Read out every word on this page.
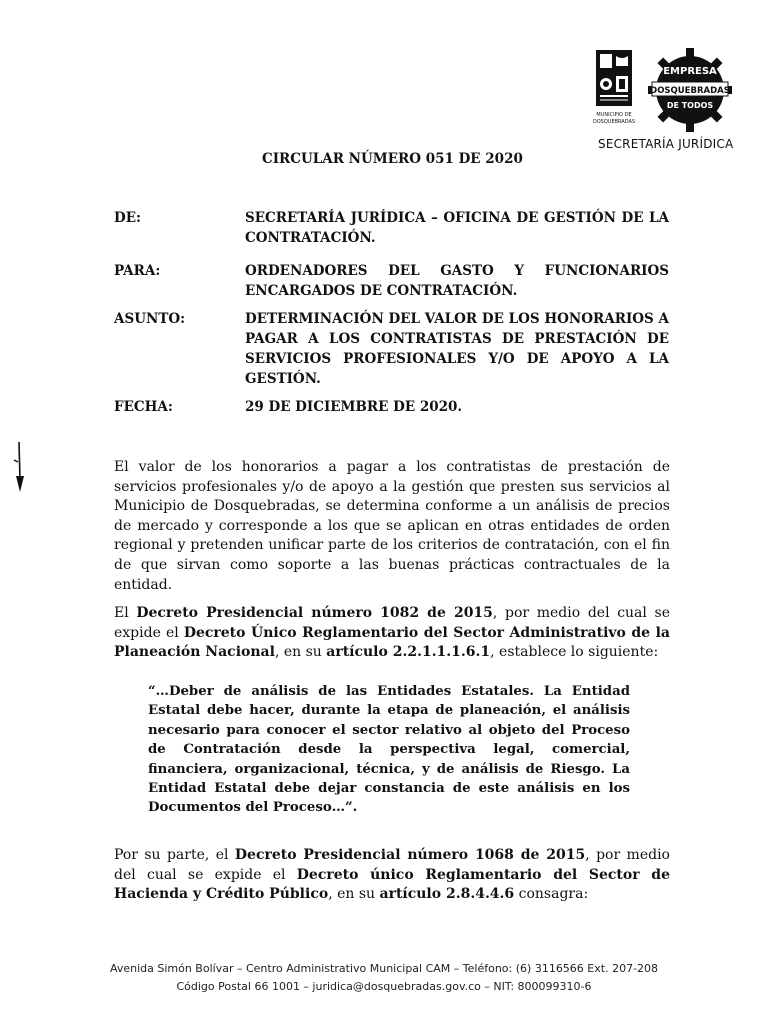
MUNICIPIO DE
DOSQUEBRADAS
EMPRESA
DOSQUEBRADAS
DE TODOS
SECRETARÍA JURÍDICA
CIRCULAR NÚMERO 051 DE 2020
DE:	SECRETARÍA JURÍDICA – OFICINA DE GESTIÓN DE LA CONTRATACIÓN.
PARA:	ORDENADORES DEL GASTO Y FUNCIONARIOS ENCARGADOS DE CONTRATACIÓN.
ASUNTO:	DETERMINACIÓN DEL VALOR DE LOS HONORARIOS A PAGAR A LOS CONTRATISTAS DE PRESTACIÓN DE SERVICIOS PROFESIONALES Y/O DE APOYO A LA GESTIÓN.
FECHA:	29 DE DICIEMBRE DE 2020.
El valor de los honorarios a pagar a los contratistas de prestación de servicios profesionales y/o de apoyo a la gestión que presten sus servicios al Municipio de Dosquebradas, se determina conforme a un análisis de precios de mercado y corresponde a los que se aplican en otras entidades de orden regional y pretenden unificar parte de los criterios de contratación, con el fin de que sirvan como soporte a las buenas prácticas contractuales de la entidad.
El Decreto Presidencial número 1082 de 2015, por medio del cual se expide el Decreto Único Reglamentario del Sector Administrativo de la Planeación Nacional, en su artículo 2.2.1.1.1.6.1, establece lo siguiente:
“…Deber de análisis de las Entidades Estatales. La Entidad Estatal debe hacer, durante la etapa de planeación, el análisis necesario para conocer el sector relativo al objeto del Proceso de Contratación desde la perspectiva legal, comercial, financiera, organizacional, técnica, y de análisis de Riesgo. La Entidad Estatal debe dejar constancia de este análisis en los Documentos del Proceso…”.
Por su parte, el Decreto Presidencial número 1068 de 2015, por medio del cual se expide el Decreto único Reglamentario del Sector de Hacienda y Crédito Público, en su artículo 2.8.4.4.6 consagra:
Avenida Simón Bolívar – Centro Administrativo Municipal CAM – Teléfono: (6) 3116566 Ext. 207-208
Código Postal 66 1001 – juridica@dosquebradas.gov.co – NIT: 800099310-6
